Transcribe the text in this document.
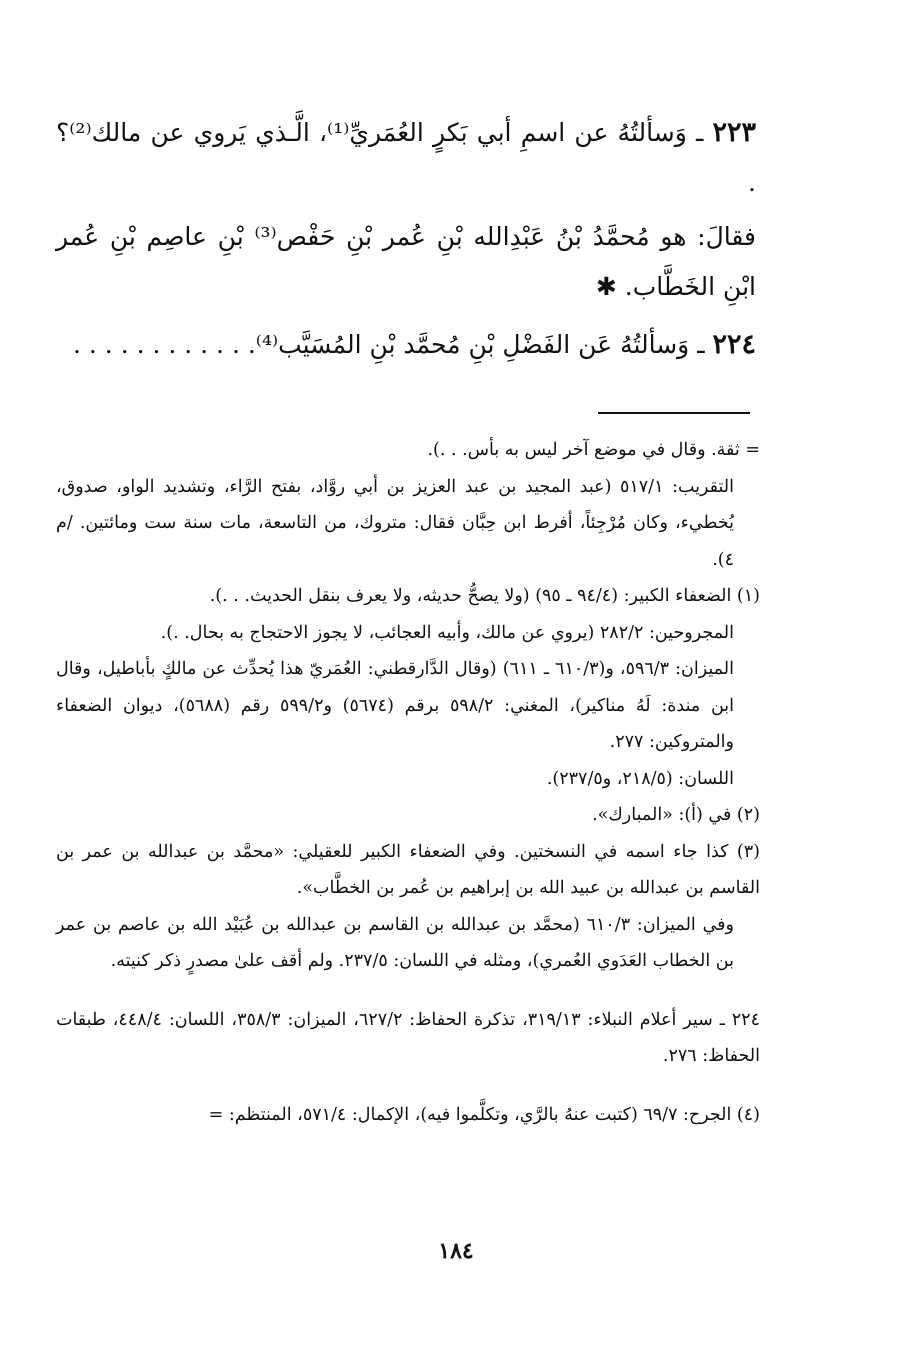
٢٢٣ ـ وَسألتُهُ عن اسمِ أبي بَكرٍ العُمَريِّ⁽¹⁾، الَّـذي يَروي عن مالك⁽²⁾؟ .

فقالَ: هو مُحمَّدُ بْنُ عَبْدِالله بْنِ عُمر بْنِ حَفْص⁽³⁾ بْنِ عاصِم بْنِ عُمر ابْنِ الخَطَّاب. ✱

٢٢٤ ـ وَسألتُهُ عَن الفَضْلِ بْنِ مُحمَّد بْنِ المُسَيَّب⁽⁴⁾. . . . . . . . . . . .

= ثقة. وقال في موضع آخر ليس به بأس. . .).

التقريب: ٥١٧/١ (عبد المجيد بن عبد العزيز بن أبي روَّاد، بفتح الرَّاء، وتشديد الواو، صدوق، يُخطيء، وكان مُرْجِئاً، أفرط ابن حِبَّان فقال: متروك، من التاسعة، مات سنة ست ومائتين. /م ٤).

(١) الضعفاء الكبير: (٩٤/٤ ـ ٩٥) (ولا يصحُّ حديثه، ولا يعرف بنقل الحديث. . .).

المجروحين: ٢٨٢/٢ (يروي عن مالك، وأبيه العجائب، لا يجوز الاحتجاج به بحال. .).

الميزان: ٥٩٦/٣، و(٦١٠/٣ ـ ٦١١) (وقال الدَّارقطني: العُمَريّ هذا يُحدِّث عن مالكٍ بأباطيل، وقال ابن مندة: لَهُ مناكير)، المغني: ٥٩٨/٢ برقم (٥٦٧٤) و٥٩٩/٢ رقم (٥٦٨٨)، ديوان الضعفاء والمتروكين: ٢٧٧.

اللسان: (٢١٨/٥، و٢٣٧/٥).

(٢) في (أ): «المبارك».

(٣) كذا جاء اسمه في النسختين. وفي الضعفاء الكبير للعقيلي: «محمَّد بن عبدالله بن عمر بن القاسم بن عبدالله بن عبيد الله بن إبراهيم بن عُمر بن الخطَّاب».

وفي الميزان: ٦١٠/٣ (محمَّد بن عبدالله بن القاسم بن عبدالله بن عُبَيْد الله بن عاصم بن عمر بن الخطاب العَدَوي العُمري)، ومثله في اللسان: ٢٣٧/٥. ولم أقف علىٰ مصدرٍ ذكر كنيته.

٢٢٤ ـ سير أعلام النبلاء: ٣١٩/١٣، تذكرة الحفاظ: ٦٢٧/٢، الميزان: ٣٥٨/٣، اللسان: ٤٤٨/٤، طبقات الحفاظ: ٢٧٦.

(٤) الجرح: ٦٩/٧ (كتبت عنهُ بالرَّي، وتكلَّموا فيه)، الإكمال: ٥٧١/٤، المنتظم: =

١٨٤
